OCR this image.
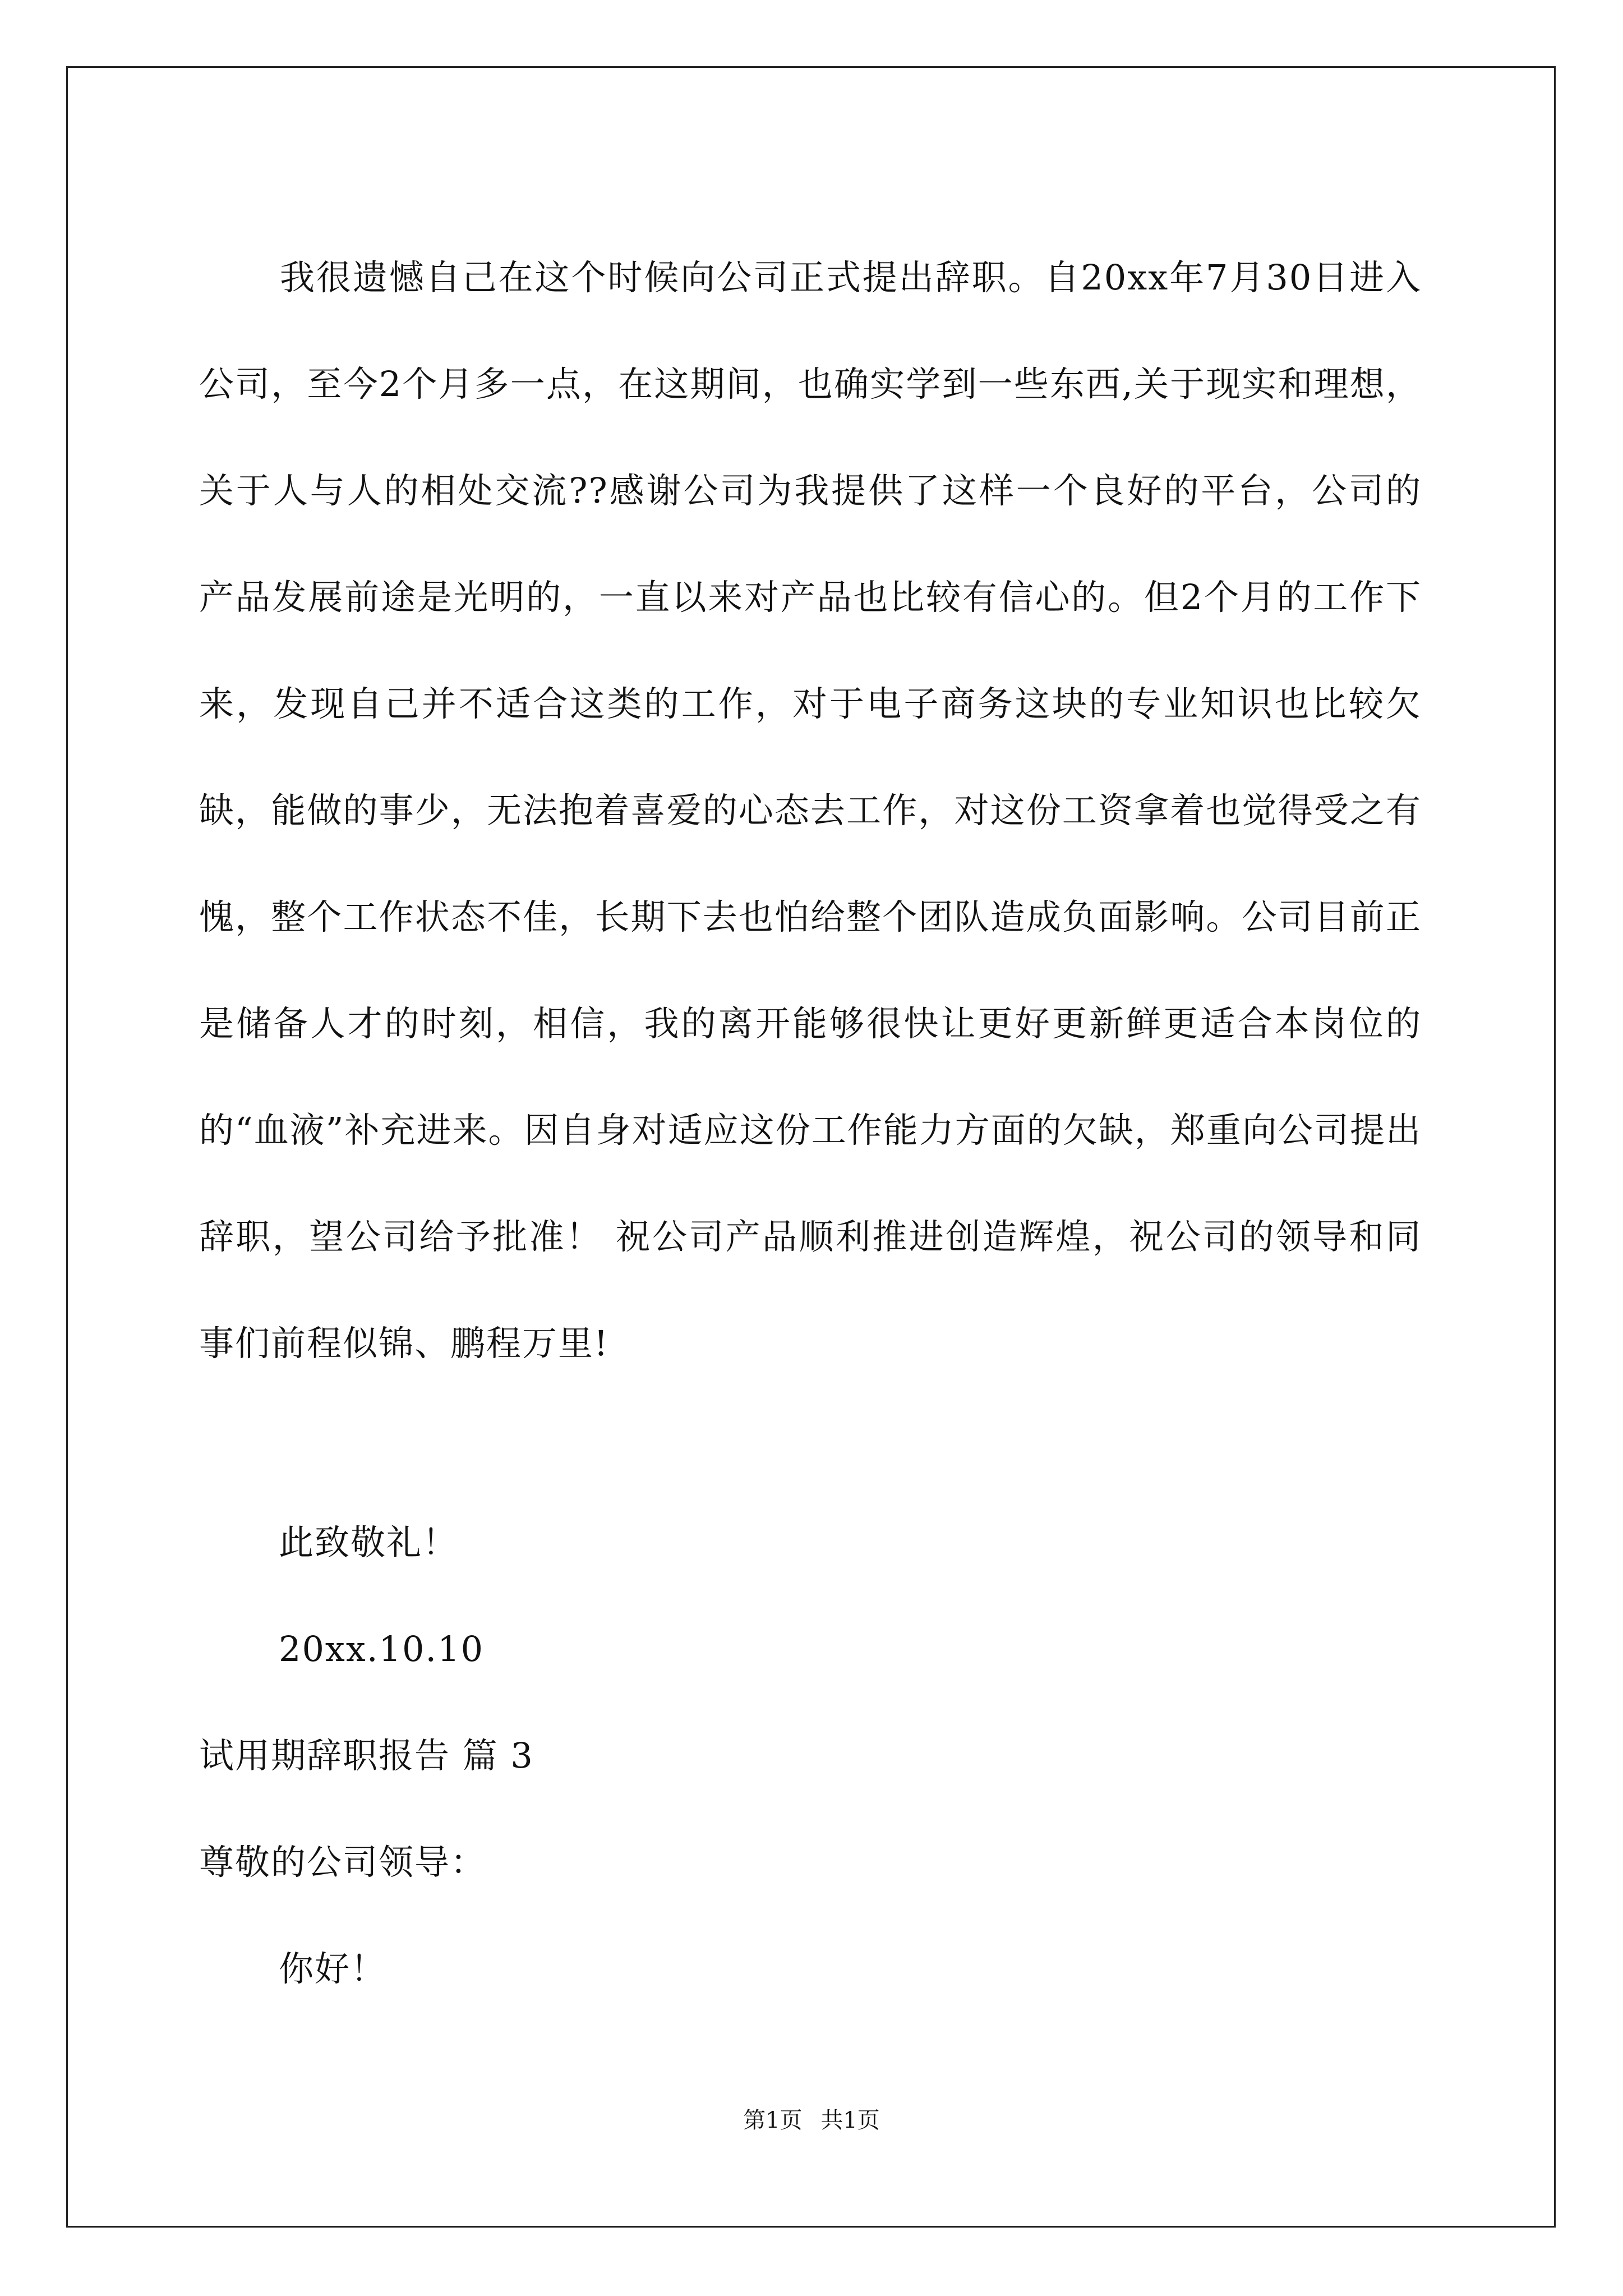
我很遗憾自己在这个时候向公司正式提出辞职。自20xx年7月30日进入公司，至今2个月多一点，在这期间，也确实学到一些东西,关于现实和理想，关于人与人的相处交流??感谢公司为我提供了这样一个良好的平台，公司的产品发展前途是光明的，一直以来对产品也比较有信心的。但2个月的工作下来，发现自己并不适合这类的工作，对于电子商务这块的专业知识也比较欠缺，能做的事少，无法抱着喜爱的心态去工作，对这份工资拿着也觉得受之有愧，整个工作状态不佳，长期下去也怕给整个团队造成负面影响。公司目前正是储备人才的时刻，相信，我的离开能够很快让更好更新鲜更适合本岗位的的“血液”补充进来。因自身对适应这份工作能力方面的欠缺，郑重向公司提出辞职，望公司给予批准！ 祝公司产品顺利推进创造辉煌，祝公司的领导和同事们前程似锦、鹏程万里!

此致敬礼！
20xx.10.10
试用期辞职报告 篇 3
尊敬的公司领导：
你好！
第1页 共1页
